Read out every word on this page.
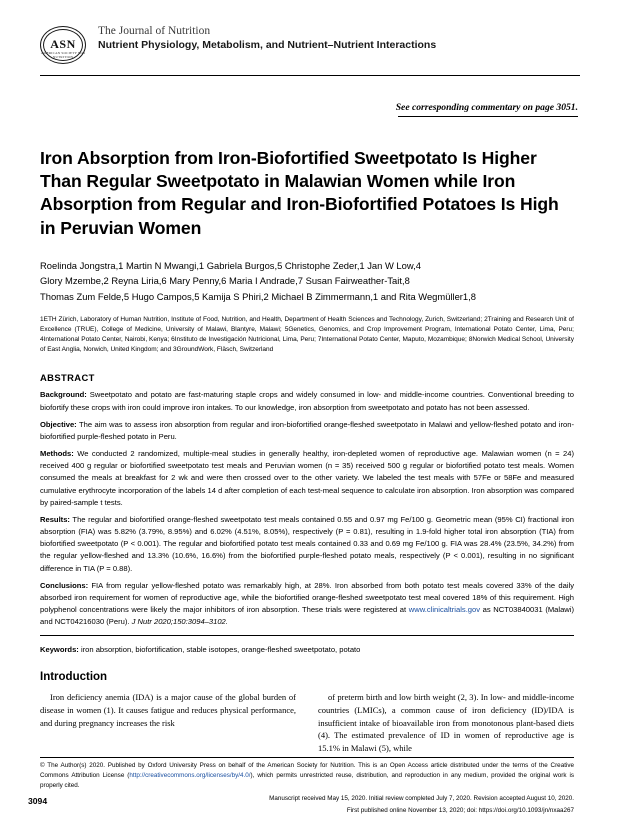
ASN
AMERICAN SOCIETY FOR NUTRITION
The Journal of Nutrition
Nutrient Physiology, Metabolism, and Nutrient–Nutrient Interactions
See corresponding commentary on page 3051.
Iron Absorption from Iron-Biofortified Sweetpotato Is Higher Than Regular Sweetpotato in Malawian Women while Iron Absorption from Regular and Iron-Biofortified Potatoes Is High in Peruvian Women
Roelinda Jongstra,1 Martin N Mwangi,1 Gabriela Burgos,5 Christophe Zeder,1 Jan W Low,4
Glory Mzembe,2 Reyna Liria,6 Mary Penny,6 Maria I Andrade,7 Susan Fairweather-Tait,8
Thomas Zum Felde,5 Hugo Campos,5 Kamija S Phiri,2 Michael B Zimmermann,1 and Rita Wegmüller1,8
1ETH Zürich, Laboratory of Human Nutrition, Institute of Food, Nutrition, and Health, Department of Health Sciences and Technology, Zurich, Switzerland; 2Training and Research Unit of Excellence (TRUE), College of Medicine, University of Malawi, Blantyre, Malawi; 5Genetics, Genomics, and Crop Improvement Program, International Potato Center, Lima, Peru; 4International Potato Center, Nairobi, Kenya; 6Instituto de Investigación Nutricional, Lima, Peru; 7International Potato Center, Maputo, Mozambique; 8Norwich Medical School, University of East Anglia, Norwich, United Kingdom; and 3GroundWork, Fläsch, Switzerland
ABSTRACT

Background: Sweetpotato and potato are fast-maturing staple crops and widely consumed in low- and middle-income countries. Conventional breeding to biofortify these crops with iron could improve iron intakes. To our knowledge, iron absorption from sweetpotato and potato has not been assessed.

Objective: The aim was to assess iron absorption from regular and iron-biofortified orange-fleshed sweetpotato in Malawi and yellow-fleshed potato and iron-biofortified purple-fleshed potato in Peru.

Methods: We conducted 2 randomized, multiple-meal studies in generally healthy, iron-depleted women of reproductive age. Malawian women (n = 24) received 400 g regular or biofortified sweetpotato test meals and Peruvian women (n = 35) received 500 g regular or biofortified potato test meals. Women consumed the meals at breakfast for 2 wk and were then crossed over to the other variety. We labeled the test meals with 57Fe or 58Fe and measured cumulative erythrocyte incorporation of the labels 14 d after completion of each test-meal sequence to calculate iron absorption. Iron absorption was compared by paired-sample t tests.

Results: The regular and biofortified orange-fleshed sweetpotato test meals contained 0.55 and 0.97 mg Fe/100 g. Geometric mean (95% CI) fractional iron absorption (FIA) was 5.82% (3.79%, 8.95%) and 6.02% (4.51%, 8.05%), respectively (P = 0.81), resulting in 1.9-fold higher total iron absorption (TIA) from biofortified sweetpotato (P < 0.001). The regular and biofortified potato test meals contained 0.33 and 0.69 mg Fe/100 g. FIA was 28.4% (23.5%, 34.2%) from the regular yellow-fleshed and 13.3% (10.6%, 16.6%) from the biofortified purple-fleshed potato meals, respectively (P < 0.001), resulting in no significant difference in TIA (P = 0.88).

Conclusions: FIA from regular yellow-fleshed potato was remarkably high, at 28%. Iron absorbed from both potato test meals covered 33% of the daily absorbed iron requirement for women of reproductive age, while the biofortified orange-fleshed sweetpotato test meal covered 18% of this requirement. High polyphenol concentrations were likely the major inhibitors of iron absorption. These trials were registered at www.clinicaltrials.gov as NCT03840031 (Malawi) and NCT04216030 (Peru). J Nutr 2020;150:3094–3102.

Keywords: iron absorption, biofortification, stable isotopes, orange-fleshed sweetpotato, potato
Introduction

Iron deficiency anemia (IDA) is a major cause of the global burden of disease in women (1). It causes fatigue and reduces physical performance, and during pregnancy increases the risk

of preterm birth and low birth weight (2, 3). In low- and middle-income countries (LMICs), a common cause of iron deficiency (ID)/IDA is insufficient intake of bioavailable iron from monotonous plant-based diets (4). The estimated prevalence of ID in women of reproductive age is 15.1% in Malawi (5), while

© The Author(s) 2020. Published by Oxford University Press on behalf of the American Society for Nutrition. This is an Open Access article distributed under the terms of the Creative Commons Attribution License (http://creativecommons.org/licenses/by/4.0/), which permits unrestricted reuse, distribution, and reproduction in any medium, provided the original work is properly cited.
Manuscript received May 15, 2020. Initial review completed July 7, 2020. Revision accepted August 10, 2020.
First published online November 13, 2020; doi: https://doi.org/10.1093/jn/nxaa267
3094
